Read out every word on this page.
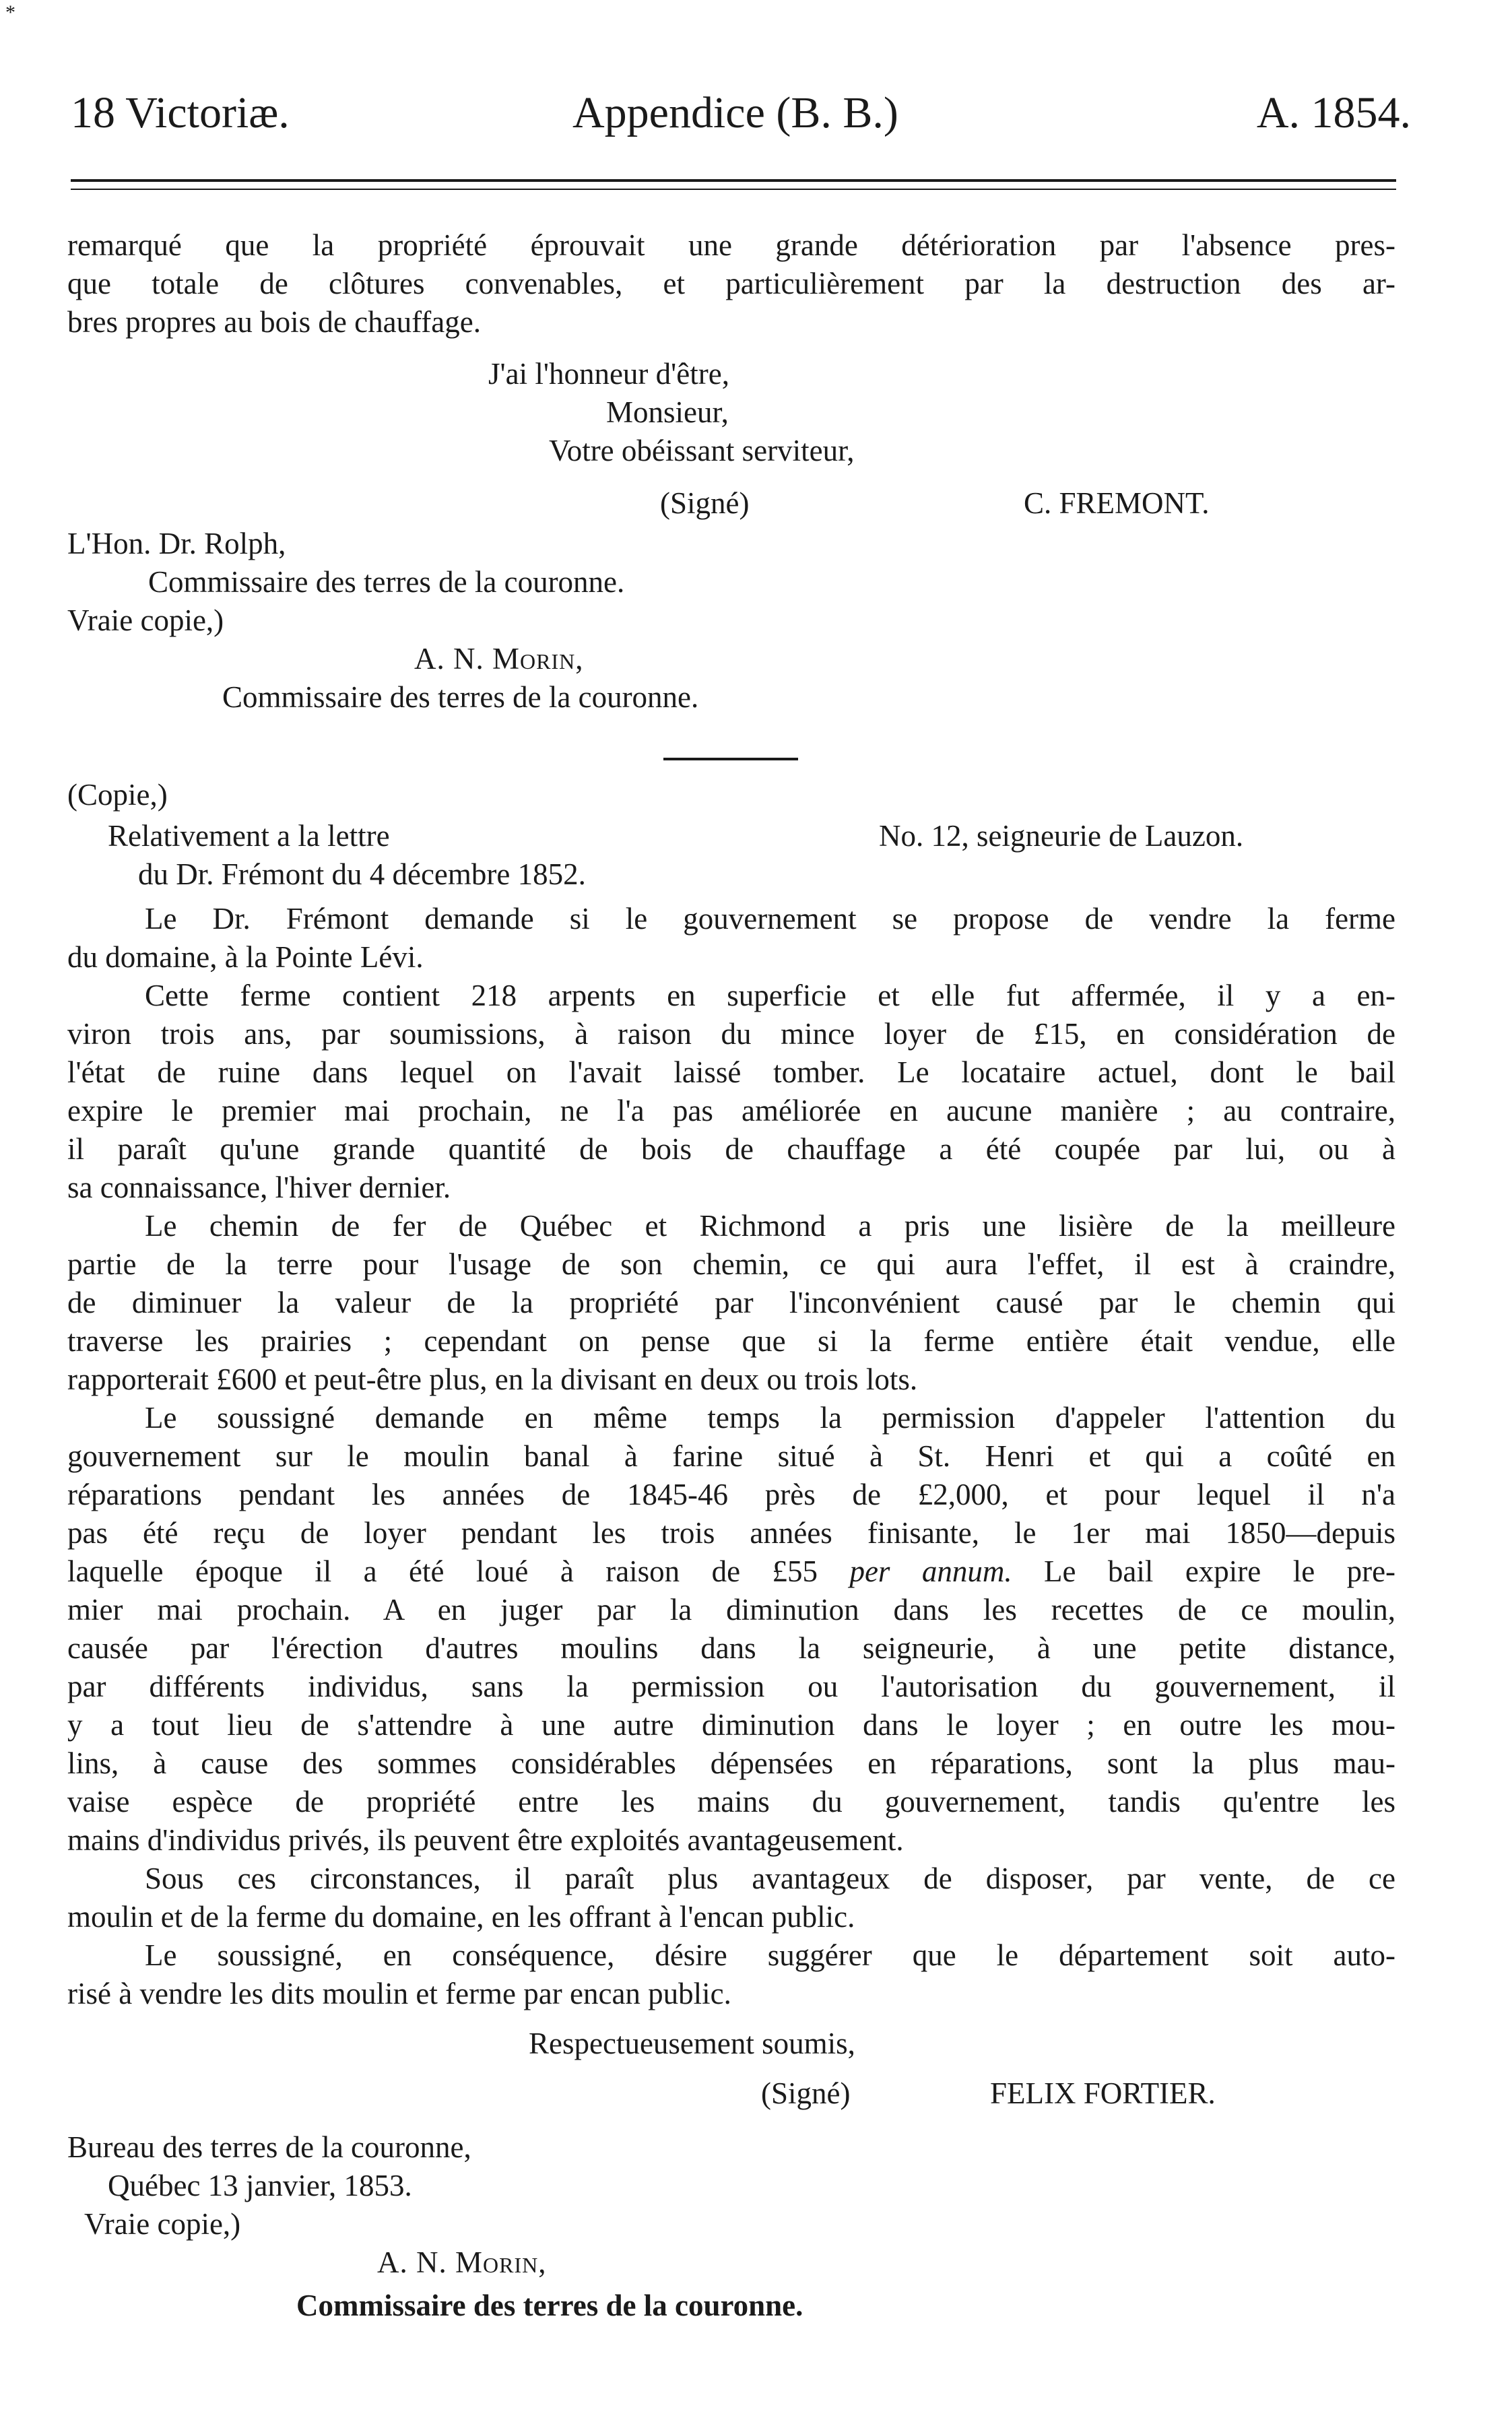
*
18 Victoriæ.	Appendice (B. B.)	A. 1854.
remarqué que la propriété éprouvait une grande détérioration par l'absence pres-
que totale de clôtures convenables, et particulièrement par la destruction des ar-
bres propres au bois de chauffage.
J'ai l'honneur d'être,
Monsieur,
Votre obéissant serviteur,
(Signé)	C. FREMONT.
L'Hon. Dr. Rolph,
Commissaire des terres de la couronne.
Vraie copie,)
A. N. Morin,
Commissaire des terres de la couronne.
(Copie,)
Relativement a la lettre	No. 12, seigneurie de Lauzon.
du Dr. Frémont du 4 décembre 1852.
Le Dr. Frémont demande si le gouvernement se propose de vendre la ferme
du domaine, à la Pointe Lévi.
Cette ferme contient 218 arpents en superficie et elle fut affermée, il y a en-
viron trois ans, par soumissions, à raison du mince loyer de £15, en considération de
l'état de ruine dans lequel on l'avait laissé tomber. Le locataire actuel, dont le bail
expire le premier mai prochain, ne l'a pas améliorée en aucune manière ; au contraire,
il paraît qu'une grande quantité de bois de chauffage a été coupée par lui, ou à
sa connaissance, l'hiver dernier.
Le chemin de fer de Québec et Richmond a pris une lisière de la meilleure
partie de la terre pour l'usage de son chemin, ce qui aura l'effet, il est à craindre,
de diminuer la valeur de la propriété par l'inconvénient causé par le chemin qui
traverse les prairies ; cependant on pense que si la ferme entière était vendue, elle
rapporterait £600 et peut-être plus, en la divisant en deux ou trois lots.
Le soussigné demande en même temps la permission d'appeler l'attention du
gouvernement sur le moulin banal à farine situé à St. Henri et qui a coûté en
réparations pendant les années de 1845-46 près de £2,000, et pour lequel il n'a
pas été reçu de loyer pendant les trois années finisante, le 1er mai 1850—depuis
laquelle époque il a été loué à raison de £55 per annum. Le bail expire le pre-
mier mai prochain. A en juger par la diminution dans les recettes de ce moulin,
causée par l'érection d'autres moulins dans la seigneurie, à une petite distance,
par différents individus, sans la permission ou l'autorisation du gouvernement, il
y a tout lieu de s'attendre à une autre diminution dans le loyer ; en outre les mou-
lins, à cause des sommes considérables dépensées en réparations, sont la plus mau-
vaise espèce de propriété entre les mains du gouvernement, tandis qu'entre les
mains d'individus privés, ils peuvent être exploités avantageusement.
Sous ces circonstances, il paraît plus avantageux de disposer, par vente, de ce
moulin et de la ferme du domaine, en les offrant à l'encan public.
Le soussigné, en conséquence, désire suggérer que le département soit auto-
risé à vendre les dits moulin et ferme par encan public.
Respectueusement soumis,
(Signé)	FELIX FORTIER.
Bureau des terres de la couronne,
Québec 13 janvier, 1853.
Vraie copie,)
A. N. Morin,
Commissaire des terres de la couronne.
